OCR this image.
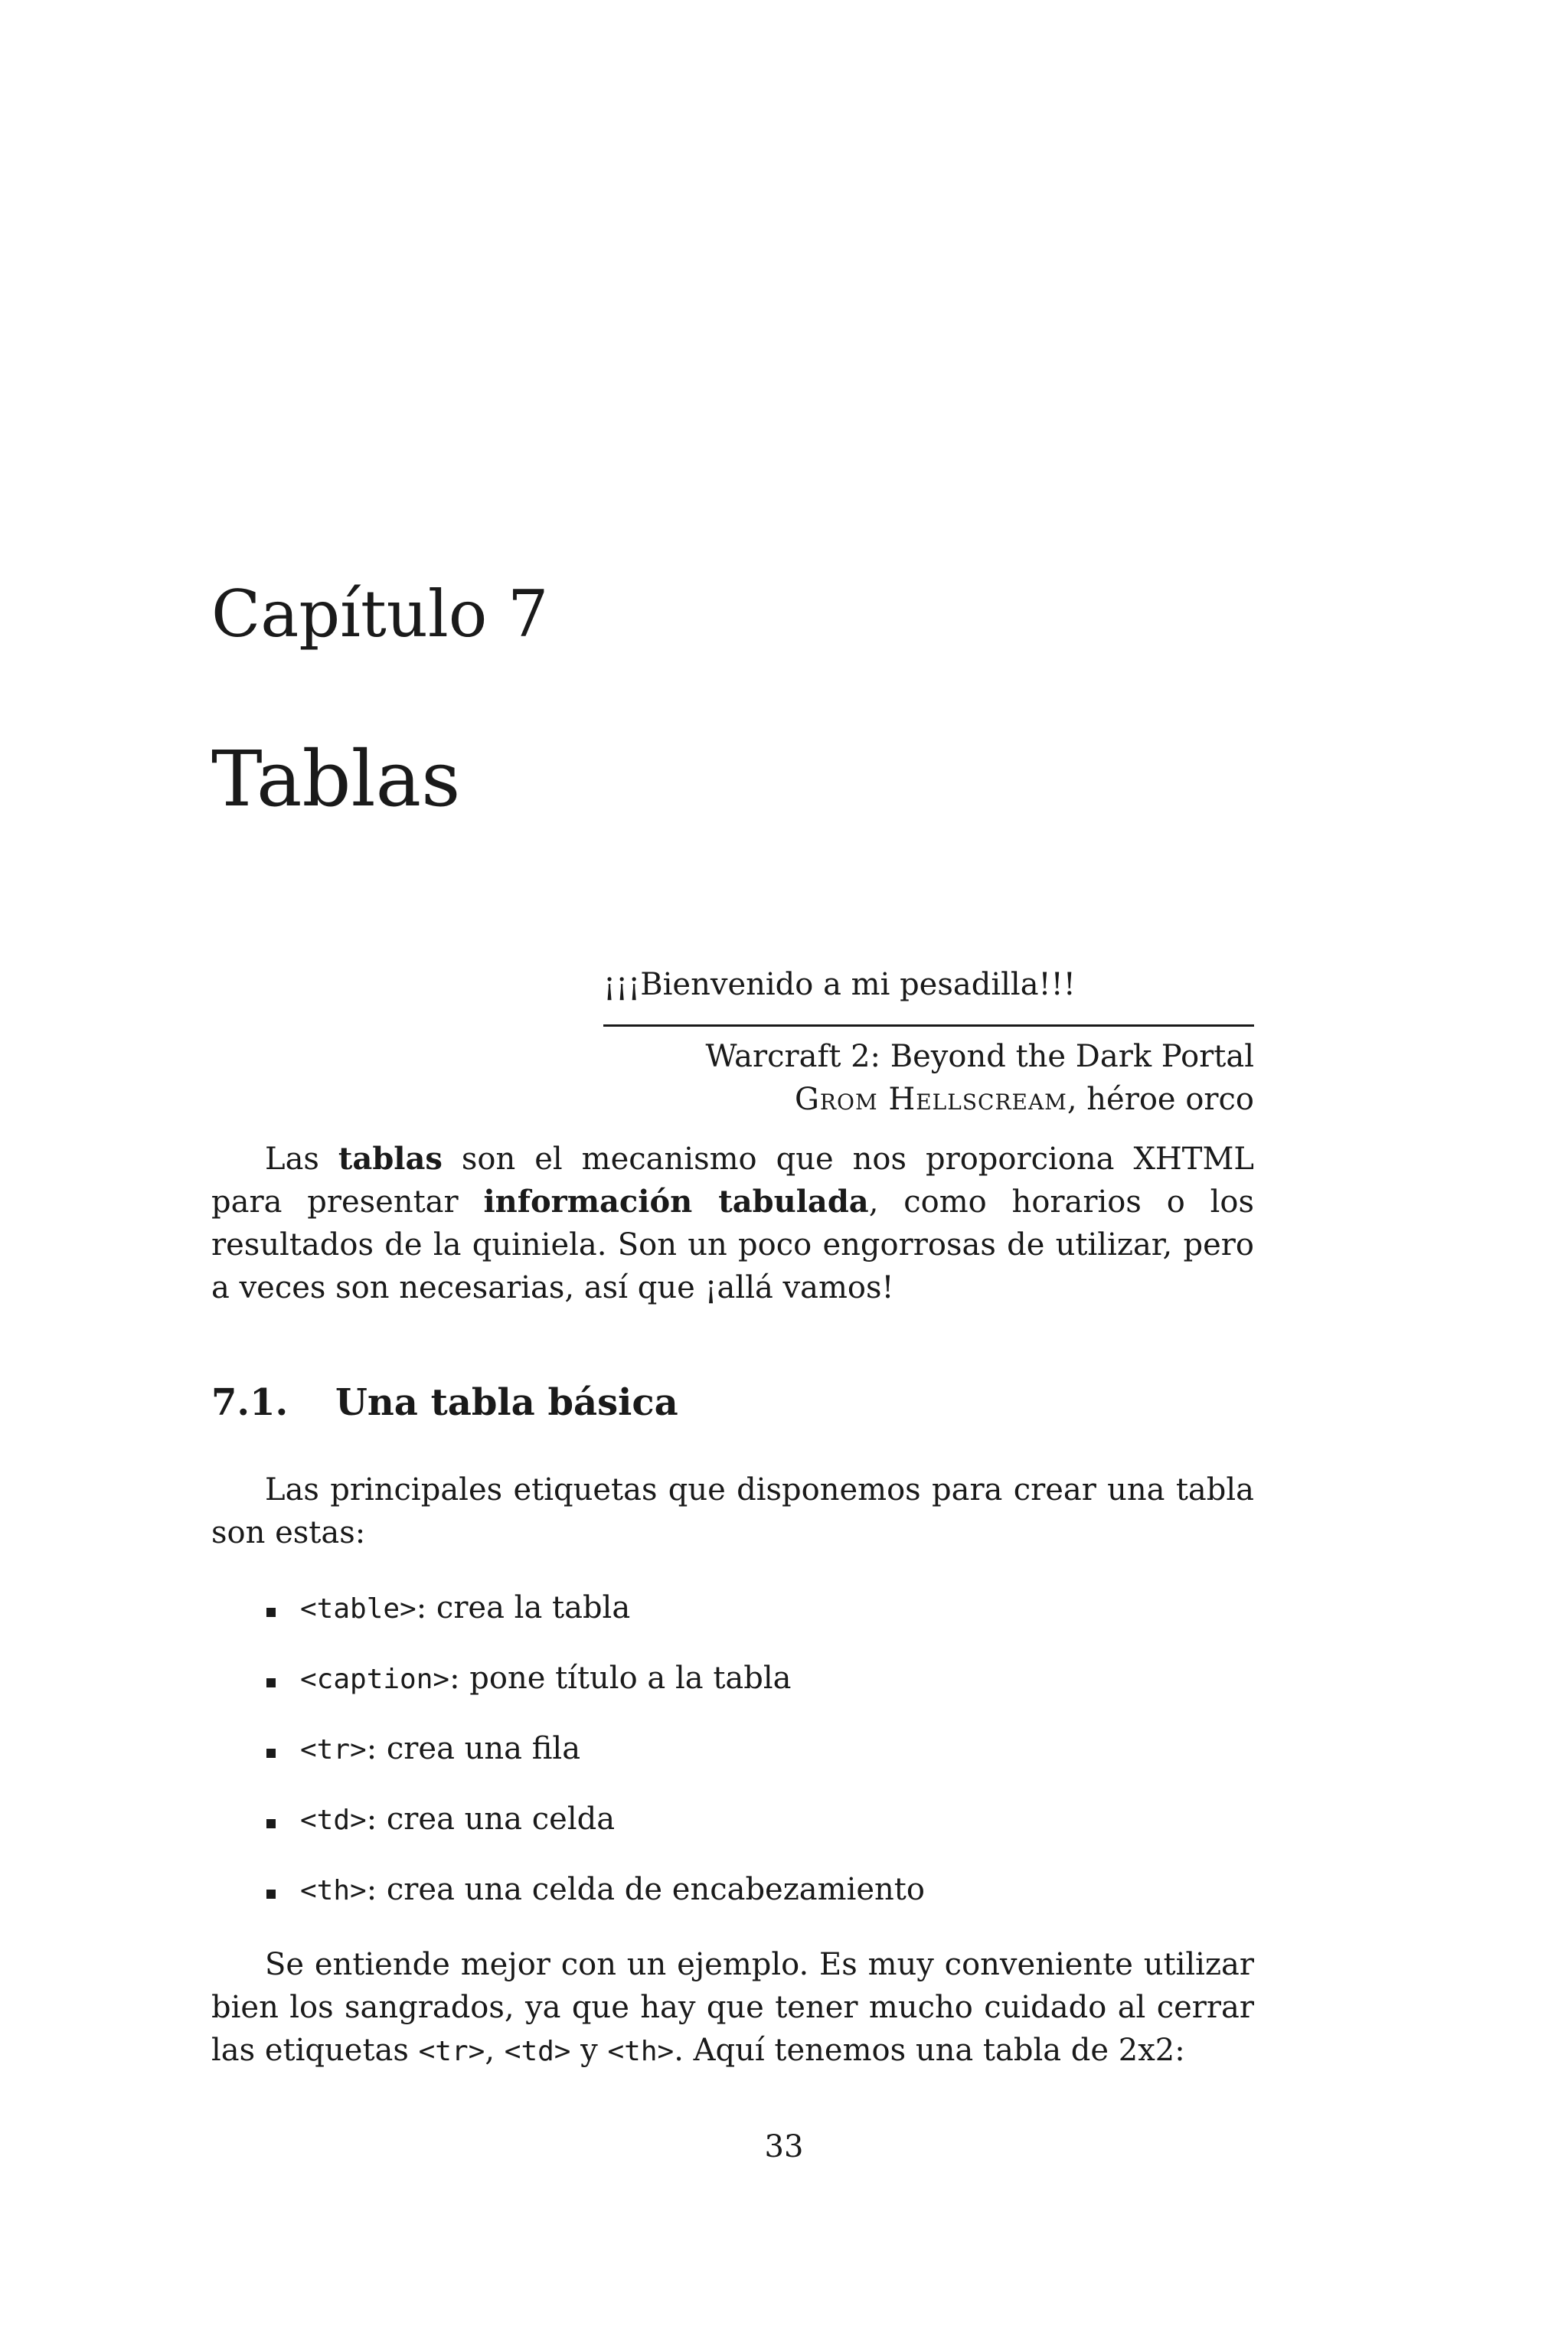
Capítulo 7
Tablas
¡¡¡Bienvenido a mi pesadilla!!!
Warcraft 2: Beyond the Dark Portal
Grom Hellscream, héroe orco

Las tablas son el mecanismo que nos proporciona XHTML para presentar información tabulada, como horarios o los resultados de la quiniela. Son un poco engorrosas de utilizar, pero a veces son necesarias, así que ¡allá vamos!

7.1. Una tabla básica

Las principales etiquetas que disponemos para crear una tabla son estas:

<table>: crea la tabla
<caption>: pone título a la tabla
<tr>: crea una fila
<td>: crea una celda
<th>: crea una celda de encabezamiento

Se entiende mejor con un ejemplo. Es muy conveniente utilizar bien los sangrados, ya que hay que tener mucho cuidado al cerrar las etiquetas <tr>, <td> y <th>. Aquí tenemos una tabla de 2x2:

33
